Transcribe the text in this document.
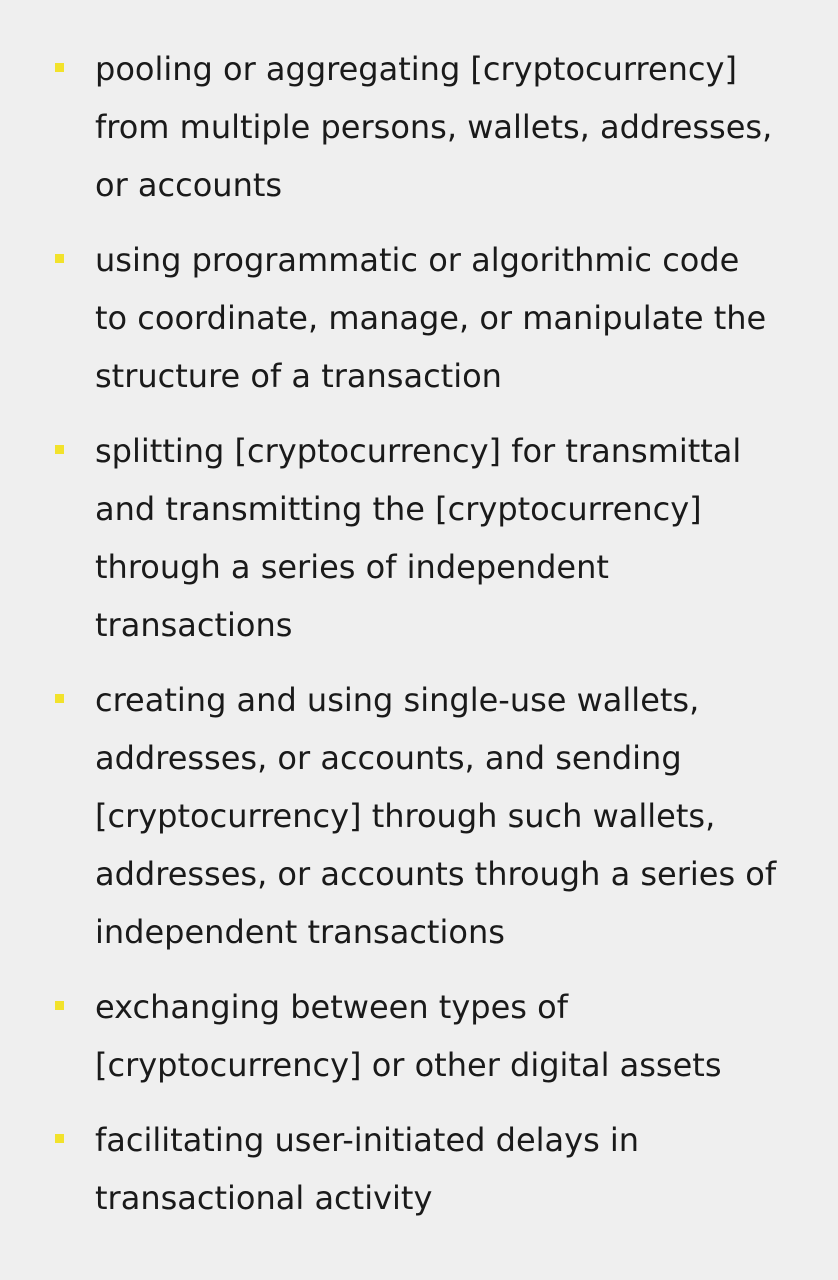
pooling or aggregating [cryptocurrency]
from multiple persons, wallets, addresses,
or accounts
using programmatic or algorithmic code
to coordinate, manage, or manipulate the
structure of a transaction
splitting [cryptocurrency] for transmittal
and transmitting the [cryptocurrency]
through a series of independent
transactions
creating and using single-use wallets,
addresses, or accounts, and sending
[cryptocurrency] through such wallets,
addresses, or accounts through a series of
independent transactions
exchanging between types of
[cryptocurrency] or other digital assets
facilitating user-initiated delays in
transactional activity
